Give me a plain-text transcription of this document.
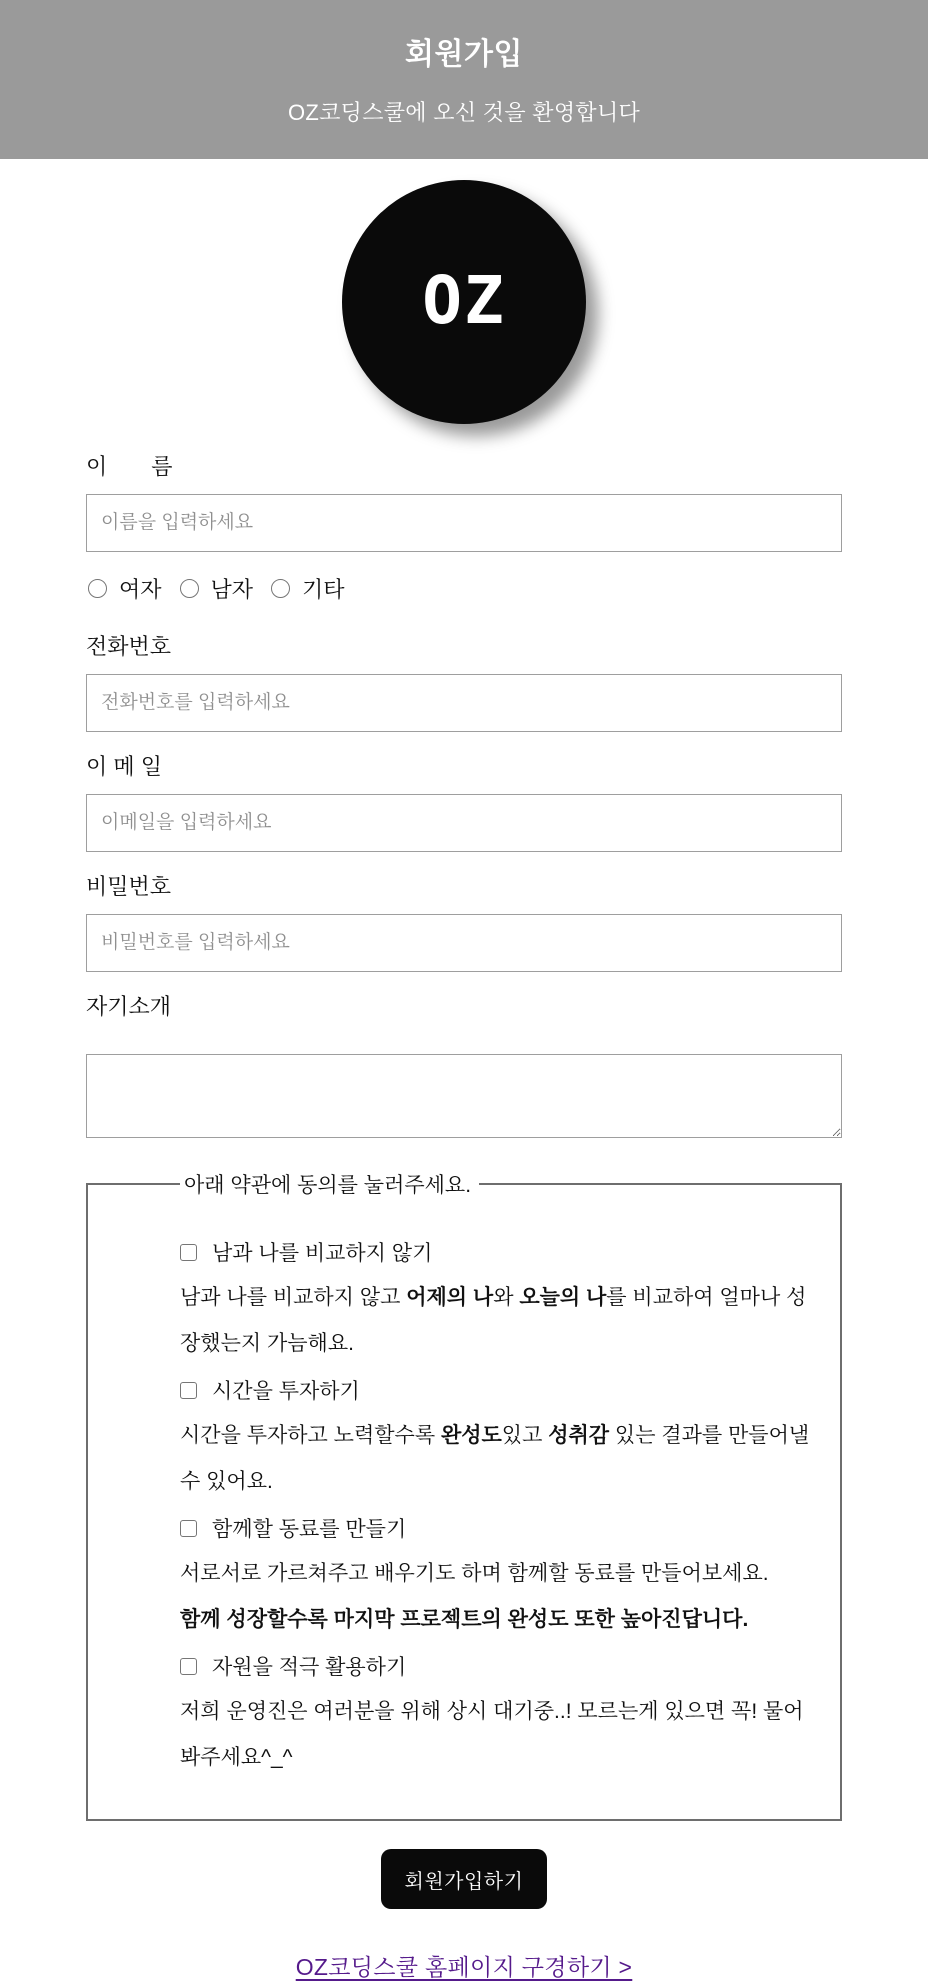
회원가입

OZ코딩스쿨에 오신 것을 환영합니다

OZ
이　　름
이름을 입력하세요
여자 남자 기타
전화번호
전화번호를 입력하세요
이 메 일
이메일을 입력하세요
비밀번호
비밀번호를 입력하세요
자기소개
아래 약관에 동의를 눌러주세요.
남과 나를 비교하지 않기

남과 나를 비교하지 않고 어제의 나와 오늘의 나를 비교하여 얼마나 성장했는지 가늠해요.

시간을 투자하기

시간을 투자하고 노력할수록 완성도있고 성취감 있는 결과를 만들어낼 수 있어요.

함께할 동료를 만들기

서로서로 가르쳐주고 배우기도 하며 함께할 동료를 만들어보세요.

함께 성장할수록 마지막 프로젝트의 완성도 또한 높아진답니다.

자원을 적극 활용하기

저희 운영진은 여러분을 위해 상시 대기중..! 모르는게 있으면 꼭! 물어봐주세요^_^

회원가입하기
OZ코딩스쿨 홈페이지 구경하기 >
